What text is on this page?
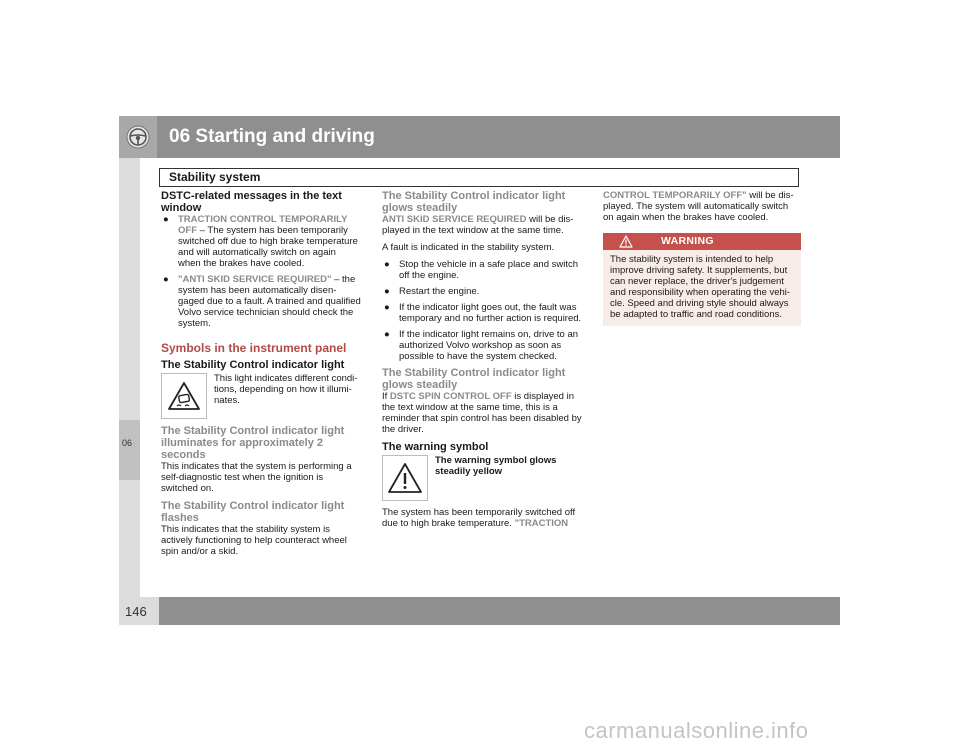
06 Starting and driving
Stability system
06

DSTC-related messages in the text window

● TRACTION CONTROL TEMPORARILY OFF – The system has been temporarily switched off due to high brake temperature and will automatically switch on again when the brakes have cooled.
● "ANTI SKID SERVICE REQUIRED" – the system has been automatically disen-gaged due to a fault. A trained and qualified Volvo service technician should check the system.

Symbols in the instrument panel

The Stability Control indicator light

This light indicates different condi-tions, depending on how it illumi-nates.

The Stability Control indicator light illuminates for approximately 2 seconds

This indicates that the system is performing a self-diagnostic test when the ignition is switched on.

The Stability Control indicator light flashes

This indicates that the stability system is actively functioning to help counteract wheel spin and/or a skid.

The Stability Control indicator light glows steadily

ANTI SKID SERVICE REQUIRED will be dis-played in the text window at the same time.

A fault is indicated in the stability system.

● Stop the vehicle in a safe place and switch off the engine.
● Restart the engine.
● If the indicator light goes out, the fault was temporary and no further action is required.
● If the indicator light remains on, drive to an authorized Volvo workshop as soon as possible to have the system checked.

The Stability Control indicator light glows steadily

If DSTC SPIN CONTROL OFF is displayed in the text window at the same time, this is a reminder that spin control has been disabled by the driver.

The warning symbol

The warning symbol glows steadily yellow

The system has been temporarily switched off due to high brake temperature. "TRACTION

CONTROL TEMPORARILY OFF" will be dis-played. The system will automatically switch on again when the brakes have cooled.

WARNING
The stability system is intended to help improve driving safety. It supplements, but can never replace, the driver's judgement and responsibility when operating the vehi-cle. Speed and driving style should always be adapted to traffic and road conditions.
146
carmanualsonline.info
